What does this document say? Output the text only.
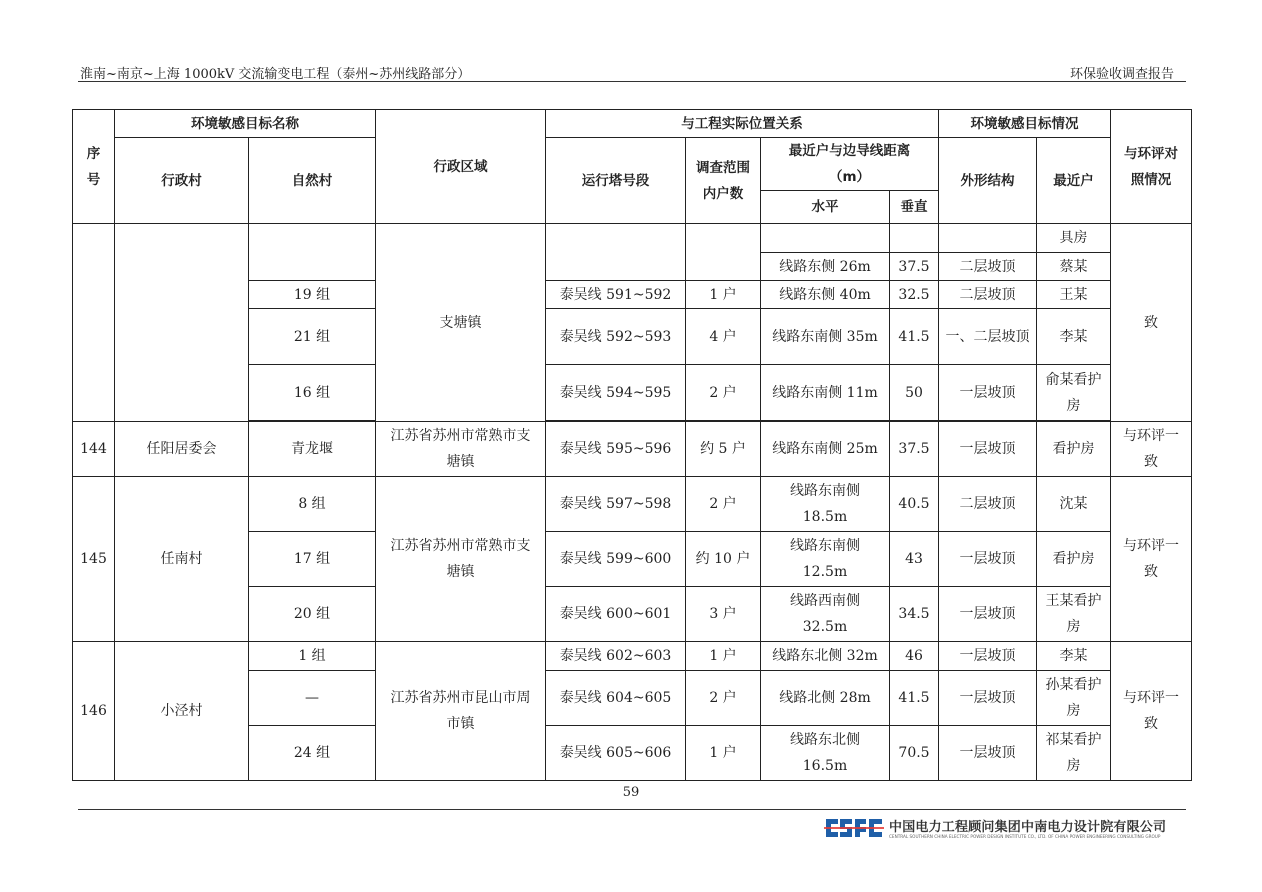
淮南~南京~上海 1000kV 交流输变电工程（泰州~苏州线路部分）	环保验收调查报告
序号	环境敏感目标名称		行政区域	与工程实际位置关系				环境敏感目标情况		与环评对照情况
	行政村	自然村		运行塔号段	调查范围内户数	最近户与边导线距离（m）		外形结构	最近户	
						水平	垂直			
			支塘镇						具房	致
						线路东侧 26m	37.5	二层坡顶	蔡某	
		19 组		泰吴线 591~592	1 户	线路东侧 40m	32.5	二层坡顶	王某	
		21 组		泰吴线 592~593	4 户	线路东南侧 35m	41.5	一、二层坡顶	李某	
		16 组		泰吴线 594~595	2 户	线路东南侧 11m	50	一层坡顶	俞某看护房	

144	任阳居委会	青龙堰	江苏省苏州市常熟市支塘镇	泰吴线 595~596	约 5 户	线路东南侧 25m	37.5	一层坡顶	看护房	与环评一致
145	任南村	8 组	江苏省苏州市常熟市支塘镇	泰吴线 597~598	2 户	线路东南侧 18.5m	40.5	二层坡顶	沈某	与环评一致
		17 组		泰吴线 599~600	约 10 户	线路东南侧 12.5m	43	一层坡顶	看护房	
		20 组		泰吴线 600~601	3 户	线路西南侧 32.5m	34.5	一层坡顶	王某看护房	
146	小泾村	1 组	江苏省苏州市昆山市周市镇	泰吴线 602~603	1 户	线路东北侧 32m	46	一层坡顶	李某	与环评一致
		—		泰吴线 604~605	2 户	线路北侧 28m	41.5	一层坡顶	孙某看护房	
		24 组		泰吴线 605~606	1 户	线路东北侧 16.5m	70.5	一层坡顶	祁某看护房	
59
中国电力工程顾问集团中南电力设计院有限公司
CENTRAL SOUTHERN CHINA ELECTRIC POWER DESIGN INSTITUTE CO., LTD. OF CHINA POWER ENGINEERING CONSULTING GROUP
